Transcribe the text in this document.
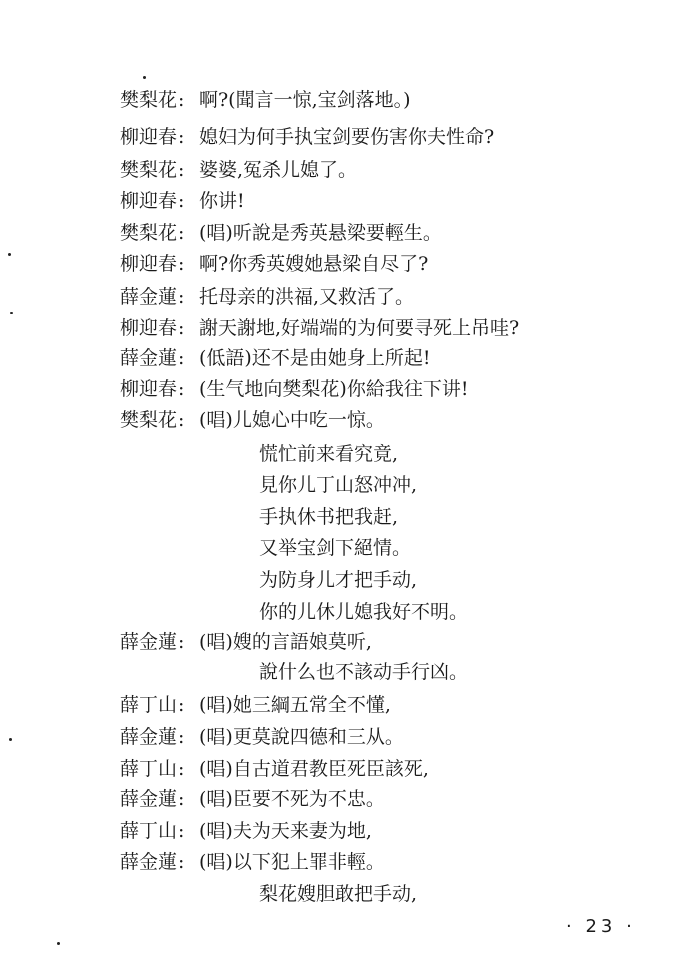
樊梨花 : 啊?(聞言一惊,宝剑落地。)
柳迎春 : 媳妇为何手执宝剑要伤害你夫性命?
樊梨花 : 婆婆,冤杀儿媳了。
柳迎春 : 你讲!
樊梨花 : (唱)听說是秀英悬梁要輕生。
柳迎春 : 啊?你秀英嫂她悬梁自尽了?
薛金蓮 : 托母亲的洪福,又救活了。
柳迎春 : 謝天謝地,好端端的为何要寻死上吊哇?
薛金蓮 : (低語)还不是由她身上所起!
柳迎春 : (生气地向樊梨花)你給我往下讲!
樊梨花 : (唱)儿媳心中吃一惊。
慌忙前来看究竟,
見你儿丁山怒冲冲,
手执休书把我赶,
又举宝剑下絕情。
为防身儿才把手动,
你的儿休儿媳我好不明。
薛金蓮 : (唱)嫂的言語娘莫听,
說什么也不該动手行凶。
薛丁山 : (唱)她三綱五常全不懂,
薛金蓮 : (唱)更莫說四德和三从。
薛丁山 : (唱)自古道君教臣死臣該死,
薛金蓮 : (唱)臣要不死为不忠。
薛丁山 : (唱)夫为天来妻为地,
薛金蓮 : (唱)以下犯上罪非輕。
梨花嫂胆敢把手动,
· 23 ·
